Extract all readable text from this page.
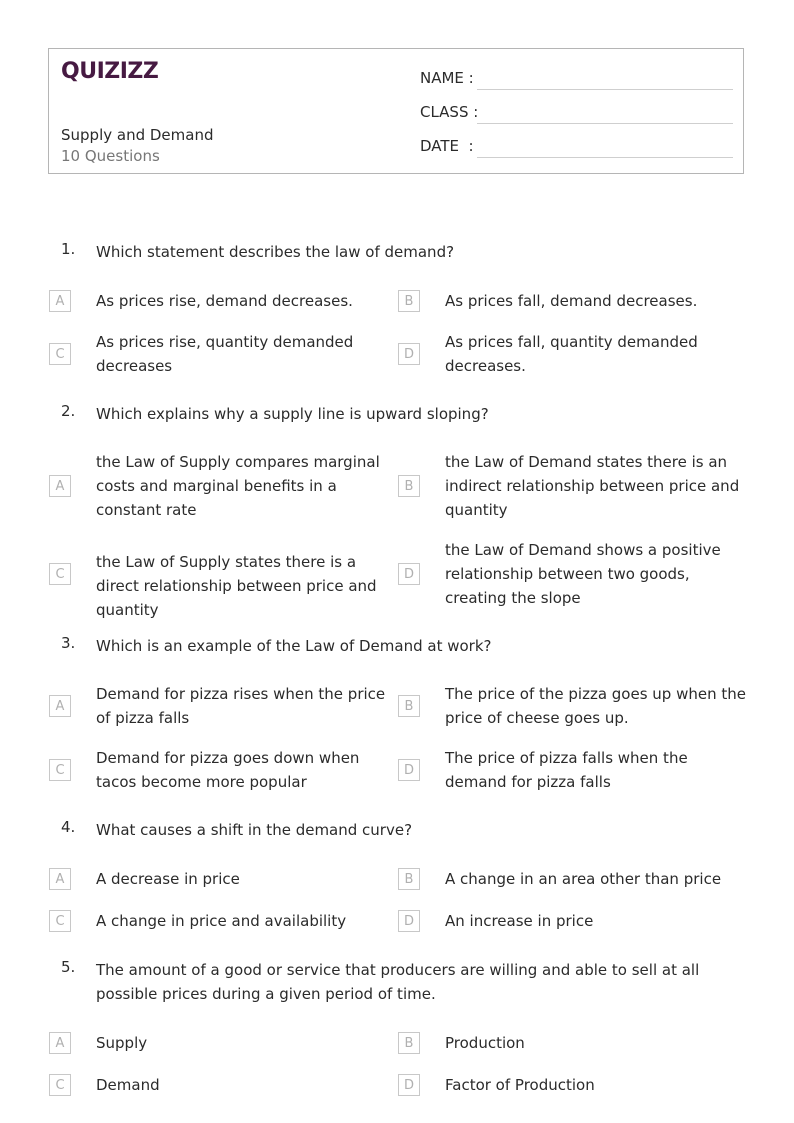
QUIZIZZ
Supply and Demand
10 Questions
NAME :
CLASS :
DATE  :
1. Which statement describes the law of demand?
A	As prices rise, demand decreases.	B	As prices fall, demand decreases.
C
As prices rise, quantity demanded decreases
D
As prices fall, quantity demanded decreases.
2. Which explains why a supply line is upward sloping?
A
the Law of Supply compares marginal costs and marginal benefits in a constant rate
B
the Law of Demand states there is an indirect relationship between price and quantity
C
the Law of Supply states there is a direct relationship between price and quantity
D
the Law of Demand shows a positive relationship between two goods, creating the slope
3. Which is an example of the Law of Demand at work?
A
Demand for pizza rises when the price of pizza falls
B
The price of the pizza goes up when the price of cheese goes up.
C
Demand for pizza goes down when tacos become more popular
D
The price of pizza falls when the demand for pizza falls
4. What causes a shift in the demand curve?
A	A decrease in price	B	A change in an area other than price
C	A change in price and availability	D	An increase in price
5. The amount of a good or service that producers are willing and able to sell at all possible prices during a given period of time.
A	Supply	B	Production
C	Demand	D	Factor of Production
